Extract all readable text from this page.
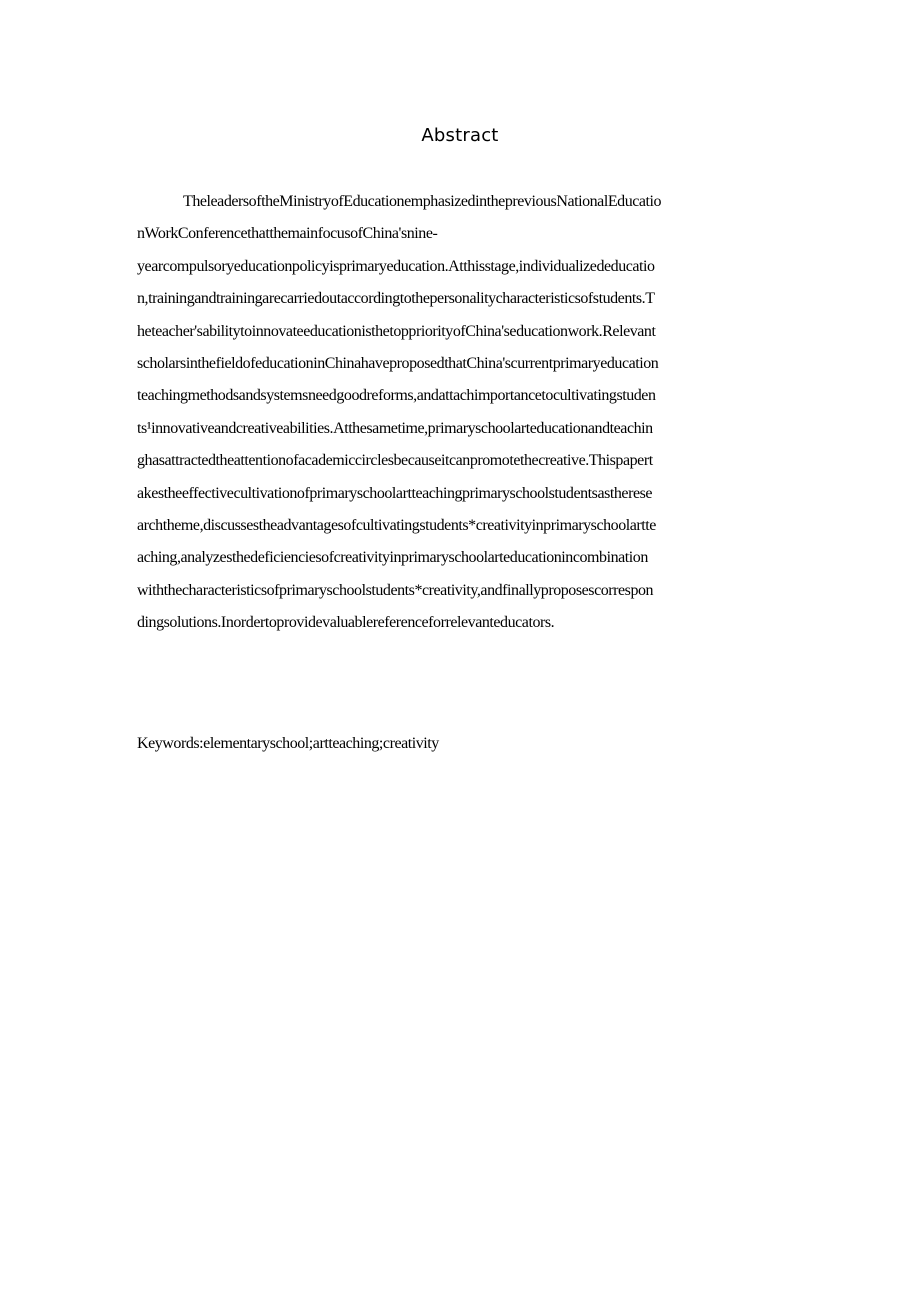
Abstract
TheleadersoftheMinistryofEducationemphasizedinthepreviousNationalEducatio
nWorkConferencethatthemainfocusofChina'snine-
yearcompulsoryeducationpolicyisprimaryeducation.Atthisstage,individualizededucatio
n,trainingandtrainingarecarriedoutaccordingtothepersonalitycharacteristicsofstudents.T
heteacher'sabilitytoinnovateeducationisthetoppriorityofChina'seducationwork.Relevant
scholarsinthefieldofeducationinChinahaveproposedthatChina'scurrentprimaryeducation
teachingmethodsandsystemsneedgoodreforms,andattachimportancetocultivatingstuden
ts¹innovativeandcreativeabilities.Atthesametime,primaryschoolarteducationandteachin
ghasattractedtheattentionofacademiccirclesbecauseitcanpromotethecreative.Thispapert
akestheeffectivecultivationofprimaryschoolartteachingprimaryschoolstudentsastherese
archtheme,discussestheadvantagesofcultivatingstudents*creativityinprimaryschoolartte
aching,analyzesthedeficienciesofcreativityinprimaryschoolarteducationincombination
withthecharacteristicsofprimaryschoolstudents*creativity,andfinallyproposescorrespon
dingsolutions.Inordertoprovidevaluablereferenceforrelevanteducators.
Keywords:elementaryschool;artteaching;creativity
